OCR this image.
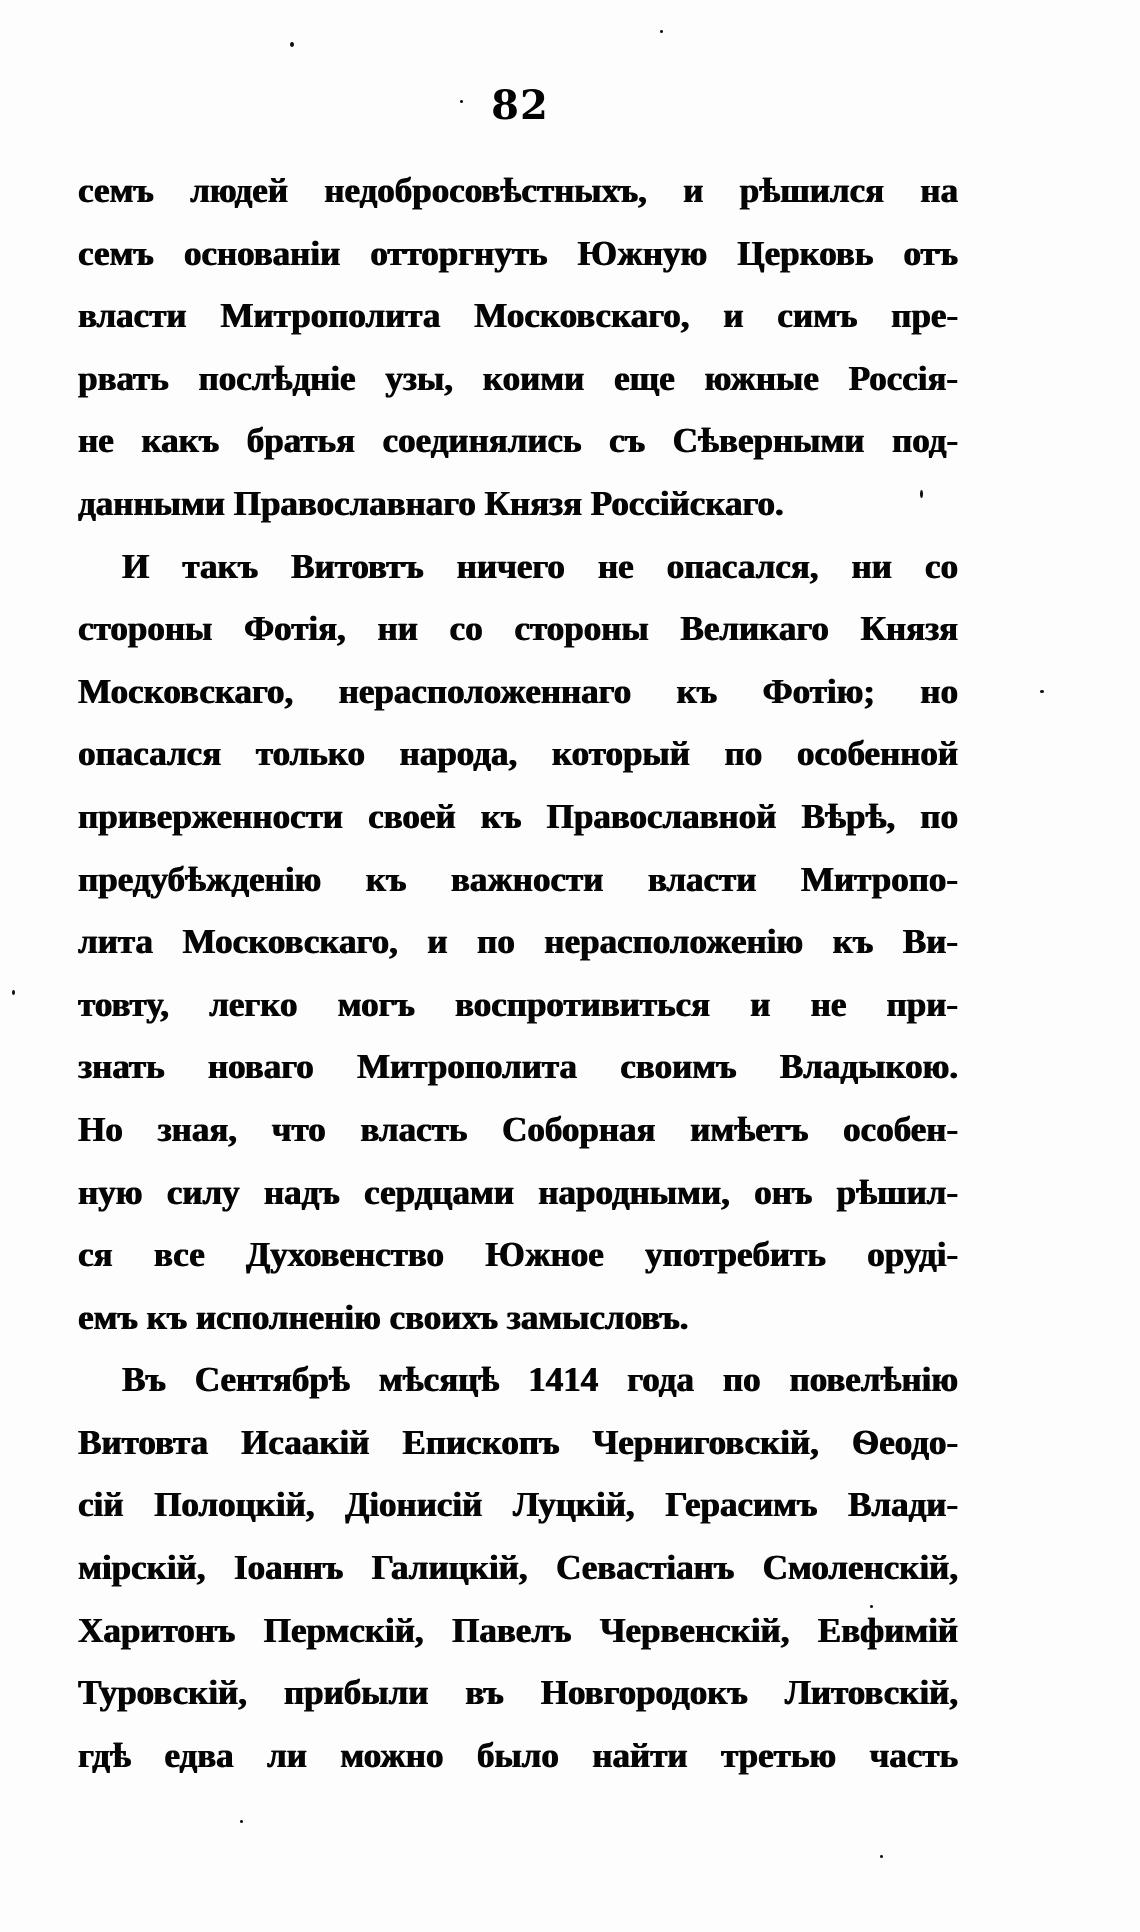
82
семъ людей недобросовѣстныхъ, и рѣшился на
семъ основаніи отторгнуть Южную Церковь отъ
власти Митрополита Московскаго, и симъ пре-
рвать послѣдніе узы, коими еще южные Россія-
не какъ братья соединялись съ Сѣверными под-
данными Православнаго Князя Россійскаго.
И такъ Витовтъ ничего не опасался, ни со
стороны Фотія, ни со стороны Великаго Князя
Московскаго, нерасположеннаго къ Фотію; но
опасался только народа, который по особенной
приверженности своей къ Православной Вѣрѣ, по
предубѣжденію къ важности власти Митропо-
лита Московскаго, и по нерасположенію къ Ви-
товту, легко могъ воспротивиться и не при-
знать новаго Митрополита своимъ Владыкою.
Но зная, что власть Соборная имѣетъ особен-
ную силу надъ сердцами народными, онъ рѣшил-
ся все Духовенство Южное употребить оруді-
емъ къ исполненію своихъ замысловъ.
Въ Сентябрѣ мѣсяцѣ 1414 года по повелѣнію
Витовта Исаакій Епископъ Черниговскій, Ѳеодо-
сій Полоцкій, Діонисій Луцкій, Герасимъ Влади-
мірскій, Іоаннъ Галицкій, Севастіанъ Смоленскій,
Харитонъ Пермскій, Павелъ Червенскій, Евфимій
Туровскій, прибыли въ Новгородокъ Литовскій,
гдѣ едва ли можно было найти третью часть
